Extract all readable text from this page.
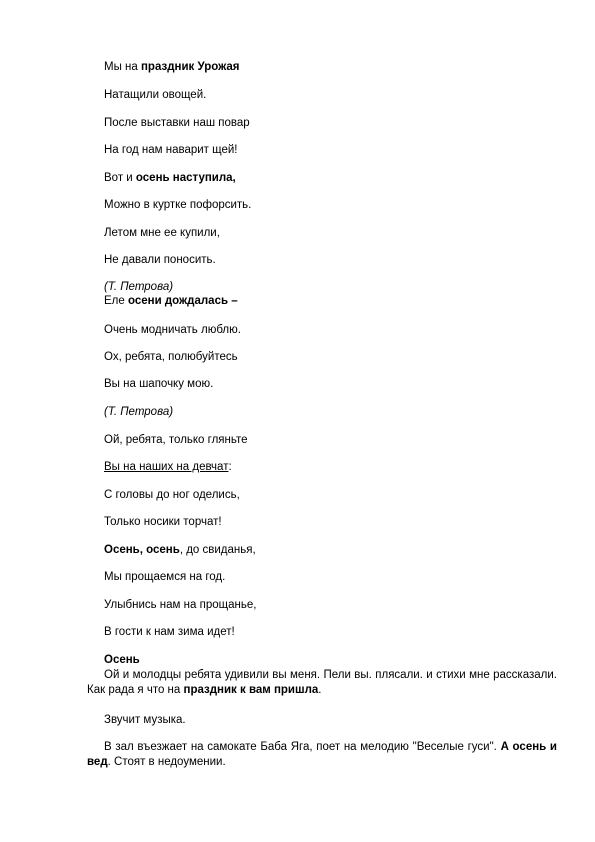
Мы на праздник Урожая
Натащили овощей.
После выставки наш повар
На год нам наварит щей!
Вот и осень наступила,
Можно в куртке пофорсить.
Летом мне ее купили,
Не давали поносить.
(Т. Петрова)
Еле осени дождалась –
Очень модничать люблю.
Ох, ребята, полюбуйтесь
Вы на шапочку мою.
(Т. Петрова)
Ой, ребята, только гляньте
Вы на наших на девчат:
С головы до ног оделись,
Только носики торчат!
Осень, осень, до свиданья,
Мы прощаемся на год.
Улыбнись нам на прощанье,
В гости к нам зима идет!
Осень
Ой и молодцы ребята удивили вы меня. Пели вы. плясали. и стихи мне рассказали. Как рада я что на праздник к вам пришла.
Звучит музыка.
В зал въезжает на самокате Баба Яга, поет на мелодию "Веселые гуси". А осень и вед. Стоят в недоумении.
